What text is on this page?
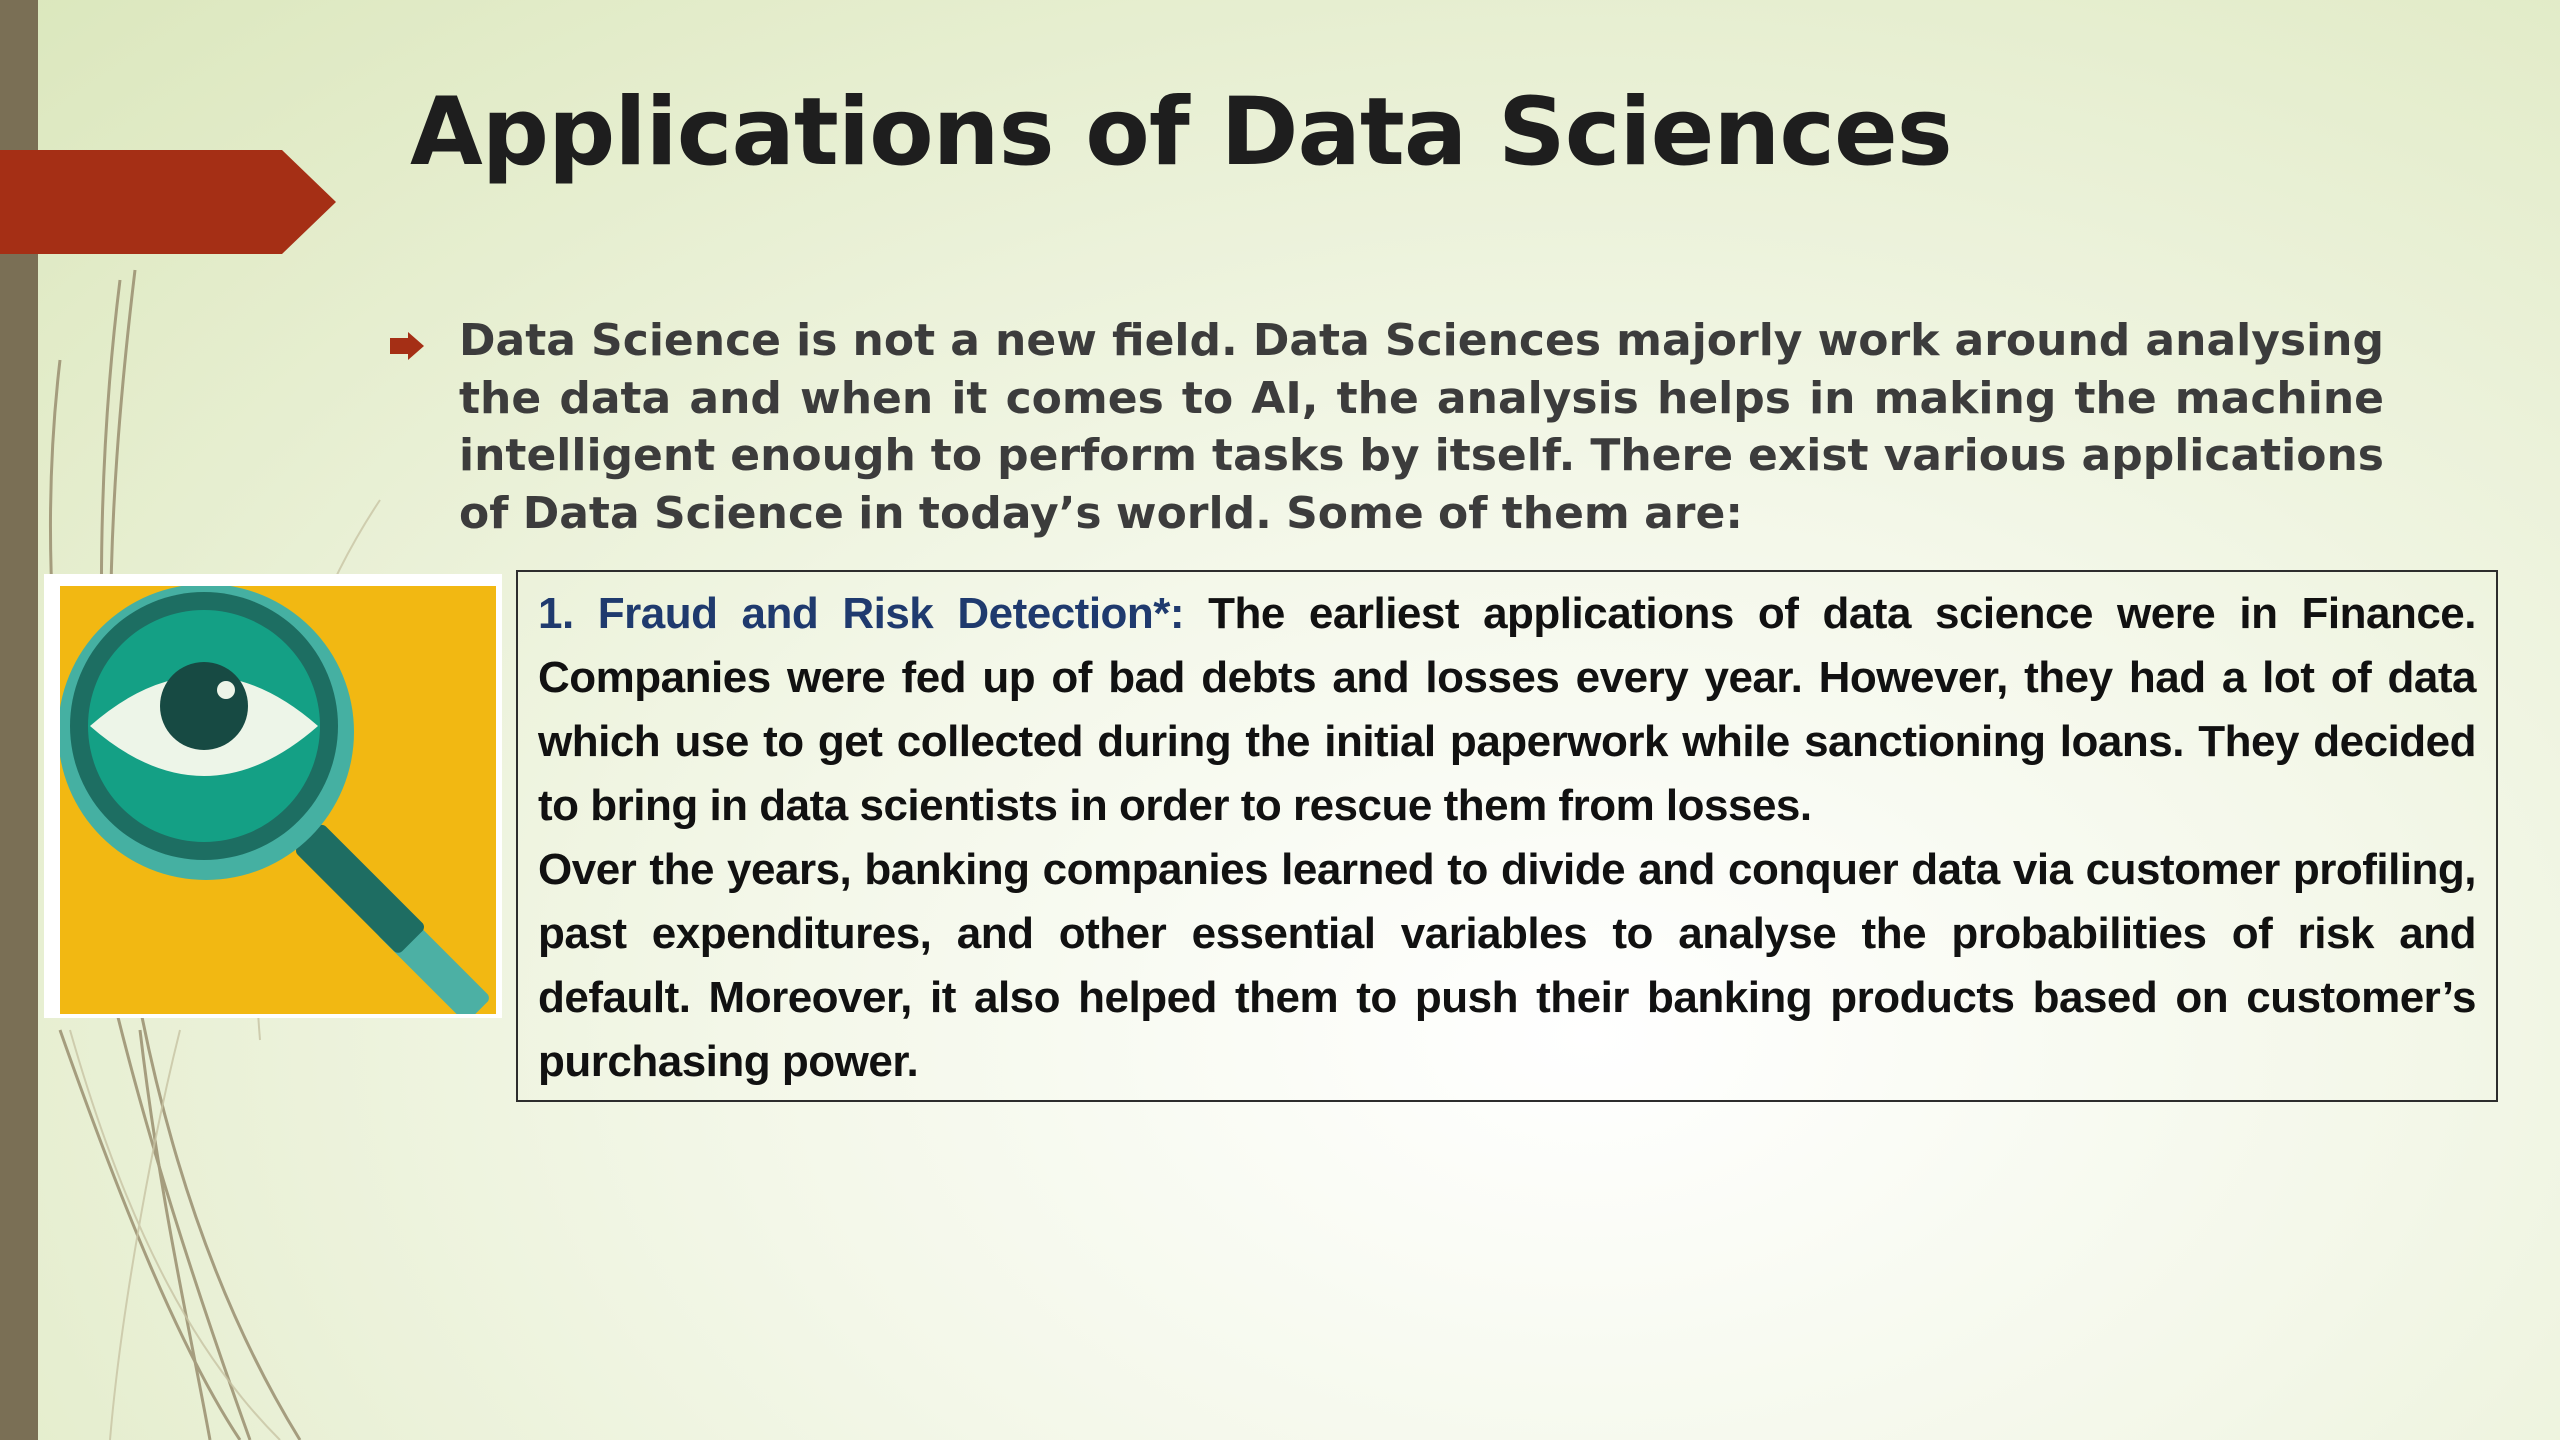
Applications of Data Sciences

Data Science is not a new field. Data Sciences majorly work around analysing the data and when it comes to AI, the analysis helps in making the machine intelligent enough to perform tasks by itself. There exist various applications of Data Science in today’s world. Some of them are:

1. Fraud and Risk Detection*: The earliest applications of data science were in Finance. Companies were fed up of bad debts and losses every year. However, they had a lot of data which use to get collected during the initial paperwork while sanctioning loans. They decided to bring in data scientists in order to rescue them from losses.

Over the years, banking companies learned to divide and conquer data via customer profiling, past expenditures, and other essential variables to analyse the probabilities of risk and default. Moreover, it also helped them to push their banking products based on customer’s purchasing power.
